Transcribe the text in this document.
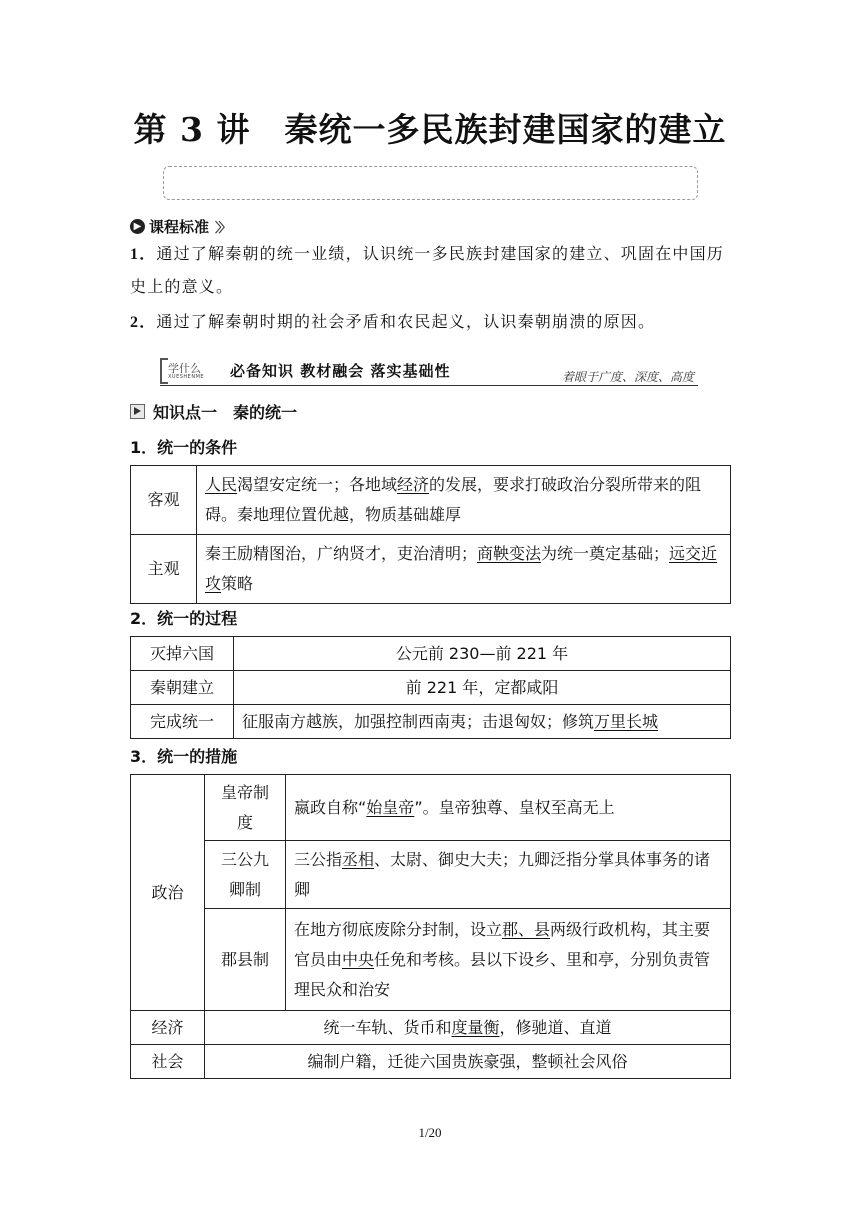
第 3 讲　秦统一多民族封建国家的建立
▶ 课程标准 〉〉
1．通过了解秦朝的统一业绩，认识统一多民族封建国家的建立、巩固在中国历史上的意义。
2．通过了解秦朝时期的社会矛盾和农民起义，认识秦朝崩溃的原因。
学什么
XUESHENME 必备知识 教材融会 落实基础性	着眼于广度、深度、高度
知识点一　秦的统一
1．统一的条件
客观	人民渴望安定统一；各地域经济的发展，要求打破政治分裂所带来的阻碍。秦地理位置优越，物质基础雄厚
主观	秦王励精图治，广纳贤才，吏治清明；商鞅变法为统一奠定基础；远交近攻策略
2．统一的过程
灭掉六国	公元前 230—前 221 年
秦朝建立	前 221 年，定都咸阳
完成统一	征服南方越族，加强控制西南夷；击退匈奴；修筑万里长城
3．统一的措施
政治	皇帝制度	嬴政自称“始皇帝”。皇帝独尊、皇权至高无上
	三公九卿制	三公指丞相、太尉、御史大夫；九卿泛指分掌具体事务的诸卿
	郡县制	在地方彻底废除分封制，设立郡、县两级行政机构，其主要官员由中央任免和考核。县以下设乡、里和亭，分别负责管理民众和治安
经济	统一车轨、货币和度量衡，修驰道、直道	
社会	编制户籍，迁徙六国贵族豪强，整顿社会风俗	
1/20
